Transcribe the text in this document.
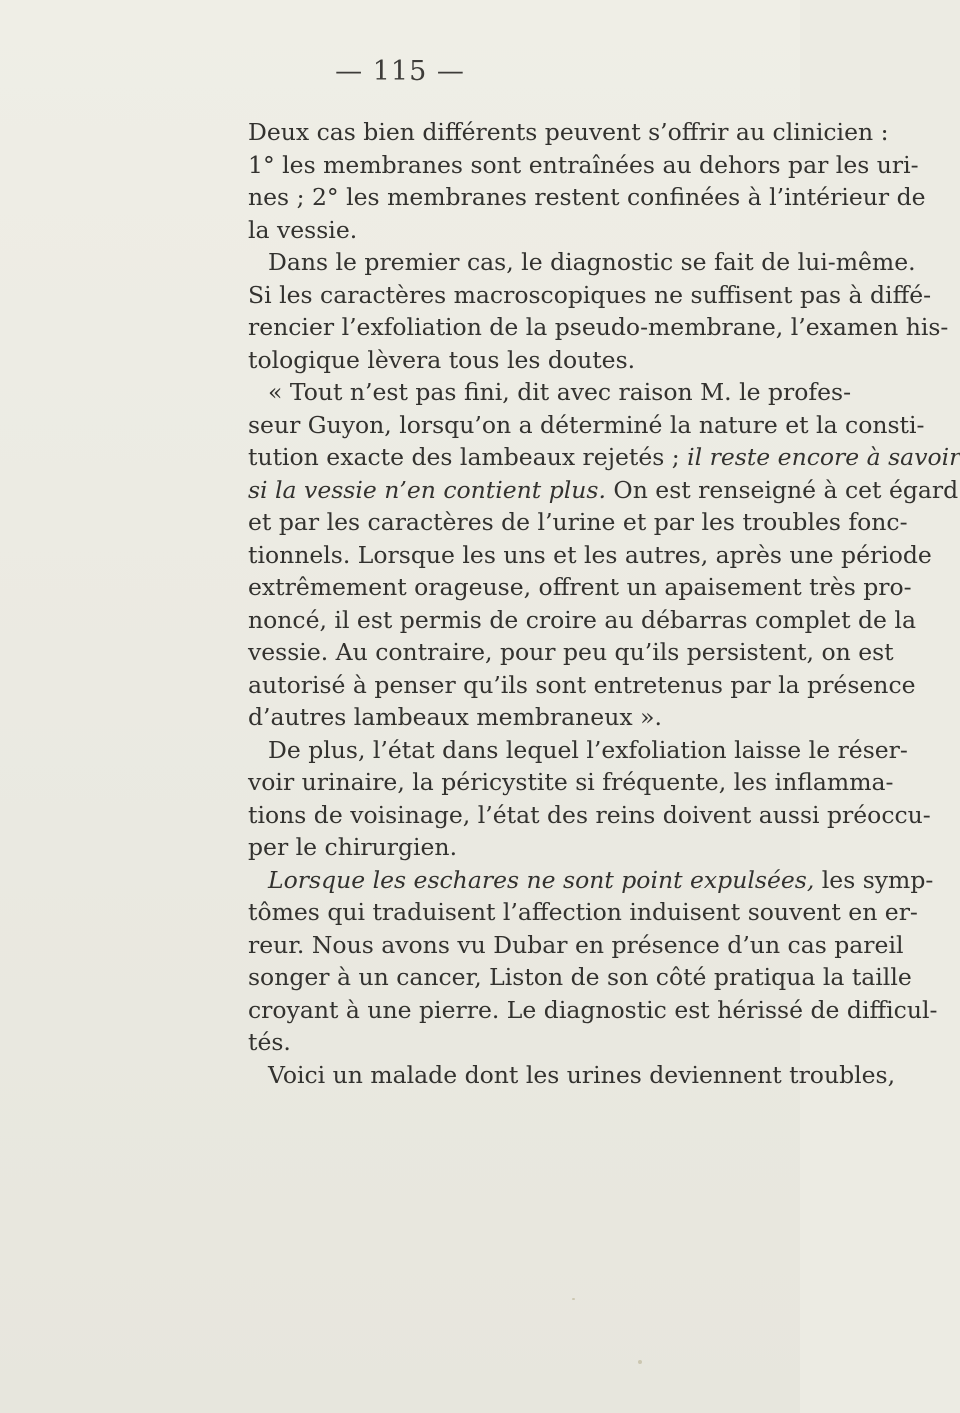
— 115 —
Deux cas bien différents peuvent s’offrir au clinicien :
1° les membranes sont entraînées au dehors par les uri-
nes ; 2° les membranes restent confinées à l’intérieur de
la vessie.
Dans le premier cas, le diagnostic se fait de lui-même.
Si les caractères macroscopiques ne suffisent pas à diffé-
rencier l’exfoliation de la pseudo-membrane, l’examen his-
tologique lèvera tous les doutes.
« Tout n’est pas fini, dit avec raison M. le profes-
seur Guyon, lorsqu’on a déterminé la nature et la consti-
tution exacte des lambeaux rejetés ; il reste encore à savoir
si la vessie n’en contient plus. On est renseigné à cet égard
et par les caractères de l’urine et par les troubles fonc-
tionnels. Lorsque les uns et les autres, après une période
extrêmement orageuse, offrent un apaisement très pro-
noncé, il est permis de croire au débarras complet de la
vessie. Au contraire, pour peu qu’ils persistent, on est
autorisé à penser qu’ils sont entretenus par la présence
d’autres lambeaux membraneux ».
De plus, l’état dans lequel l’exfoliation laisse le réser-
voir urinaire, la péricystite si fréquente, les inflamma-
tions de voisinage, l’état des reins doivent aussi préoccu-
per le chirurgien.
Lorsque les eschares ne sont point expulsées, les symp-
tômes qui traduisent l’affection induisent souvent en er-
reur. Nous avons vu Dubar en présence d’un cas pareil
songer à un cancer, Liston de son côté pratiqua la taille
croyant à une pierre. Le diagnostic est hérissé de difficul-
tés.
Voici un malade dont les urines deviennent troubles,
